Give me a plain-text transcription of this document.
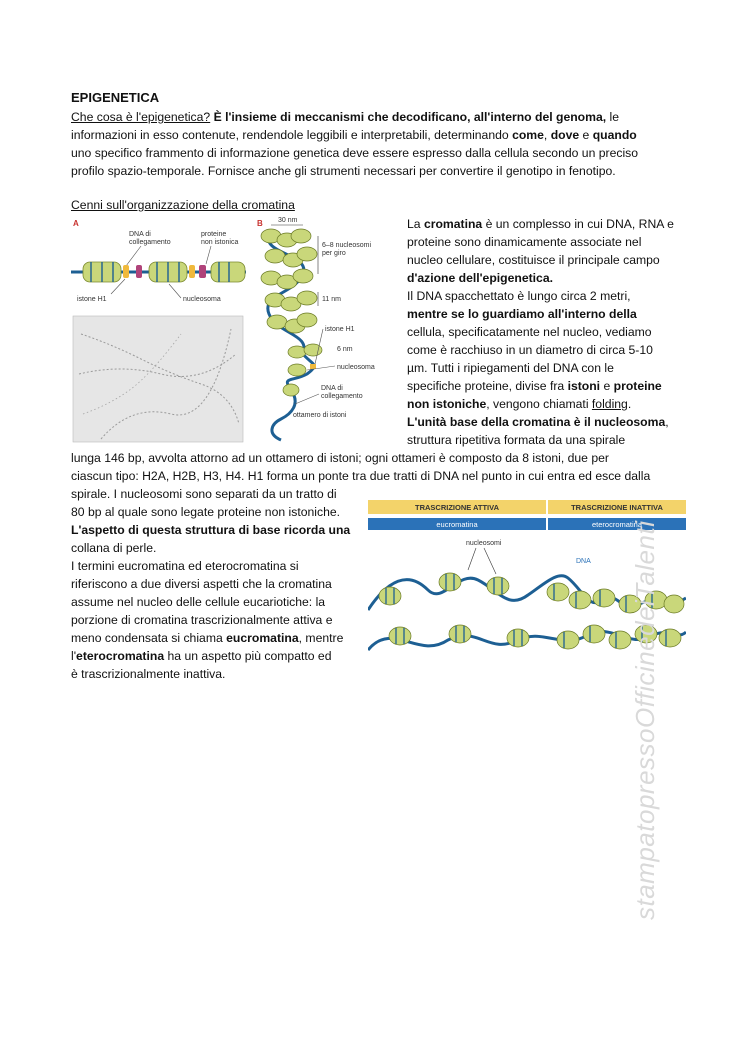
EPIGENETICA
Che cosa è l'epigenetica? È l'insieme di meccanismi che decodificano, all'interno del genoma, le
informazioni in esso contenute, rendendole leggibili e interpretabili, determinando come, dove e quando
uno specifico frammento di informazione genetica deve essere espresso dalla cellula secondo un preciso
profilo spazio-temporale. Fornisce anche gli strumenti necessari per convertire il genotipo in fenotipo.
Cenni sull'organizzazione della cromatina
A
DNA di
collegamento
proteine
non istonica
istone H1	nucleosoma
B 30 nm
6–8 nucleosomi
per giro
11 nm
istone H1
6 nm
nucleosoma
DNA di
collegamento
ottamero di istoni
La cromatina è un complesso in cui DNA, RNA e
proteine sono dinamicamente associate nel
nucleo cellulare, costituisce il principale campo
d'azione dell'epigenetica.
Il DNA spacchettato è lungo circa 2 metri,
mentre se lo guardiamo all'interno della
cellula, specificatamente nel nucleo, vediamo
come è racchiuso in un diametro di circa 5-10
µm. Tutti i ripiegamenti del DNA con le
specifiche proteine, divise fra istoni e proteine
non istoniche, vengono chiamati folding.
L'unità base della cromatina è il nucleosoma,
struttura ripetitiva formata da una spirale
lunga 146 bp, avvolta attorno ad un ottamero di istoni; ogni ottameri è composto da 8 istoni, due per
ciascun tipo: H2A, H2B, H3, H4. H1 forma un ponte tra due tratti di DNA nel punto in cui entra ed esce dalla
spirale. I nucleosomi sono separati da un tratto di
80 bp al quale sono legate proteine non istoniche.
L'aspetto di questa struttura di base ricorda una
collana di perle.
I termini eucromatina ed eterocromatina si
riferiscono a due diversi aspetti che la cromatina
assume nel nucleo delle cellule eucariotiche: la
porzione di cromatina trascrizionalmente attiva e
meno condensata si chiama eucromatina, mentre
l'eterocromatina ha un aspetto più compatto ed
è trascrizionalmente inattiva.
TRASCRIZIONE ATTIVA	TRASCRIZIONE INATTIVA
eucromatina	eterocromatina
nucleosomi
DNA stampatopressoOfficinedeiTalenti
